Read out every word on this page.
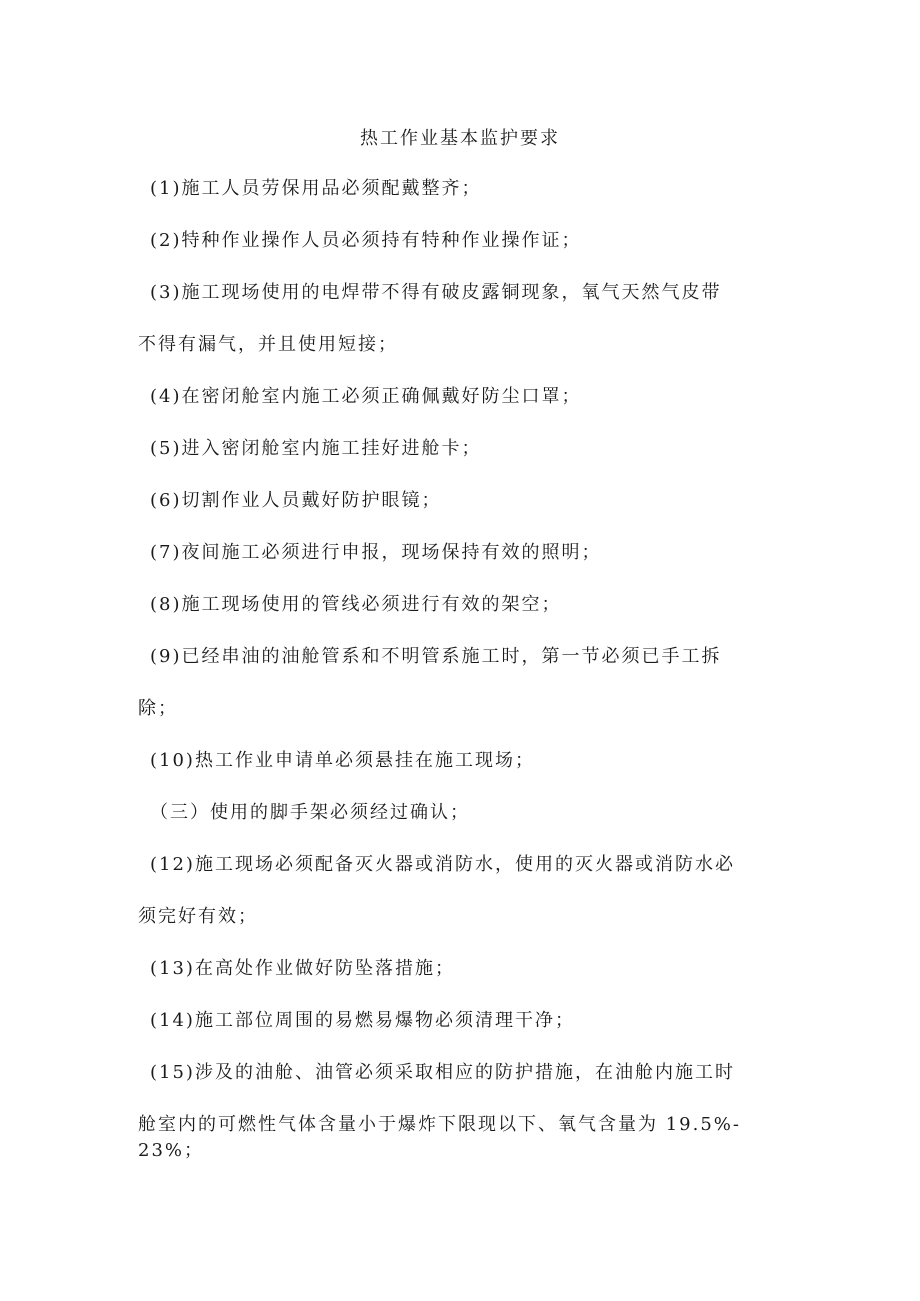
热工作业基本监护要求
(1)施工人员劳保用品必须配戴整齐；
(2)特种作业操作人员必须持有特种作业操作证；
(3)施工现场使用的电焊带不得有破皮露铜现象，氧气天然气皮带
不得有漏气，并且使用短接；
(4)在密闭舱室内施工必须正确佩戴好防尘口罩；
(5)进入密闭舱室内施工挂好进舱卡；
(6)切割作业人员戴好防护眼镜；
(7)夜间施工必须进行申报，现场保持有效的照明；
(8)施工现场使用的管线必须进行有效的架空；
(9)已经串油的油舱管系和不明管系施工时，第一节必须已手工拆
除；
(10)热工作业申请单必须悬挂在施工现场；
（三）使用的脚手架必须经过确认；
(12)施工现场必须配备灭火器或消防水，使用的灭火器或消防水必
须完好有效；
(13)在高处作业做好防坠落措施；
(14)施工部位周围的易燃易爆物必须清理干净；
(15)涉及的油舱、油管必须采取相应的防护措施，在油舱内施工时
舱室内的可燃性气体含量小于爆炸下限现以下、氧气含量为 19.5%-
23%；
